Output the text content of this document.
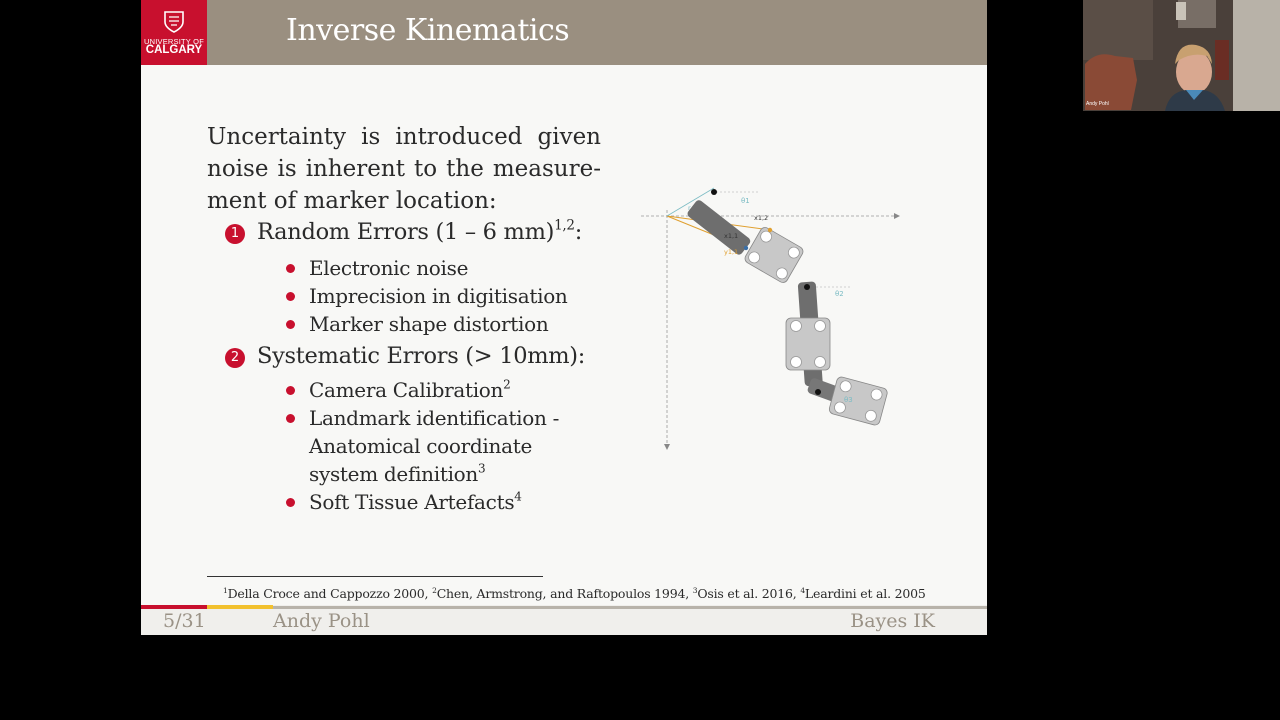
UNIVERSITY OF
CALGARY
Inverse Kinematics
Uncertainty is introduced given
noise is inherent to the measure-
ment of marker location:
1 Random Errors (1 – 6 mm)$^{1,2}$:
Electronic noise
Imprecision in digitisation
Marker shape distortion
2 Systematic Errors (> 10mm):
Camera Calibration$^2$
Landmark identification -
Anatomical coordinate
system definition$^3$
Soft Tissue Artefacts$^4$
θ1
θ2
θ3
x1,2
x1,1
y1,1
r
$^1$Della Croce and Cappozzo 2000, $^2$Chen, Armstrong, and Raftopoulos 1994, $^3$Osis et al. 2016, $^4$Leardini et al. 2005
5/31	Andy Pohl	Bayes IK
Andy Pohl
